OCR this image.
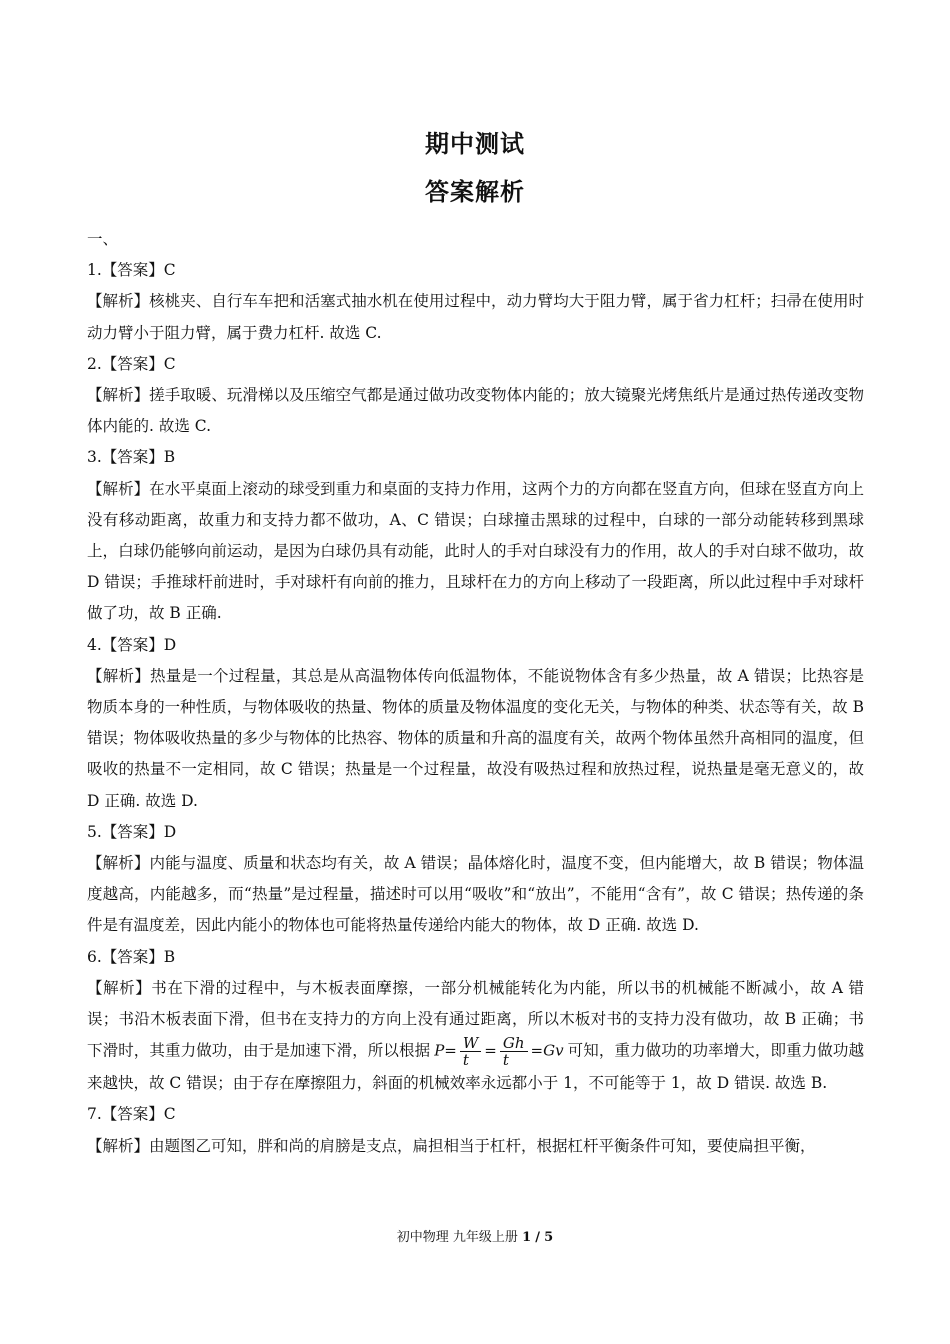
期中测试
答案解析
一、
1.【答案】C
【解析】核桃夹、自行车车把和活塞式抽水机在使用过程中，动力臂均大于阻力臂，属于省力杠杆；扫帚在使用时动力臂小于阻力臂，属于费力杠杆. 故选 C.
2.【答案】C
【解析】搓手取暖、玩滑梯以及压缩空气都是通过做功改变物体内能的；放大镜聚光烤焦纸片是通过热传递改变物体内能的. 故选 C.
3.【答案】B
【解析】在水平桌面上滚动的球受到重力和桌面的支持力作用，这两个力的方向都在竖直方向，但球在竖直方向上没有移动距离，故重力和支持力都不做功，A、C 错误；白球撞击黑球的过程中，白球的一部分动能转移到黑球上，白球仍能够向前运动，是因为白球仍具有动能，此时人的手对白球没有力的作用，故人的手对白球不做功，故 D 错误；手推球杆前进时，手对球杆有向前的推力，且球杆在力的方向上移动了一段距离，所以此过程中手对球杆做了功，故 B 正确.
4.【答案】D
【解析】热量是一个过程量，其总是从高温物体传向低温物体，不能说物体含有多少热量，故 A 错误；比热容是物质本身的一种性质，与物体吸收的热量、物体的质量及物体温度的变化无关，与物体的种类、状态等有关，故 B 错误；物体吸收热量的多少与物体的比热容、物体的质量和升高的温度有关，故两个物体虽然升高相同的温度，但吸收的热量不一定相同，故 C 错误；热量是一个过程量，故没有吸热过程和放热过程，说热量是毫无意义的，故 D 正确. 故选 D.
5.【答案】D
【解析】内能与温度、质量和状态均有关，故 A 错误；晶体熔化时，温度不变，但内能增大，故 B 错误；物体温度越高，内能越多，而“热量”是过程量，描述时可以用“吸收”和“放出”，不能用“含有”，故 C 错误；热传递的条件是有温度差，因此内能小的物体也可能将热量传递给内能大的物体，故 D 正确. 故选 D.
6.【答案】B
【解析】书在下滑的过程中，与木板表面摩擦，一部分机械能转化为内能，所以书的机械能不断减小，故 A 错误；书沿木板表面下滑，但书在支持力的方向上没有通过距离，所以木板对书的支持力没有做功，故 B 正确；书下滑时，其重力做功，由于是加速下滑，所以根据 $P= \frac{W}{t} = \frac{Gh}{t} =Gv$ 可知，重力做功的功率增大，即重力做功越来越快，故 C 错误；由于存在摩擦阻力，斜面的机械效率永远都小于 1，不可能等于 1，故 D 错误. 故选 B.
7.【答案】C
【解析】由题图乙可知，胖和尚的肩膀是支点，扁担相当于杠杆，根据杠杆平衡条件可知，要使扁担平衡，
初中物理 九年级上册 1 / 5
